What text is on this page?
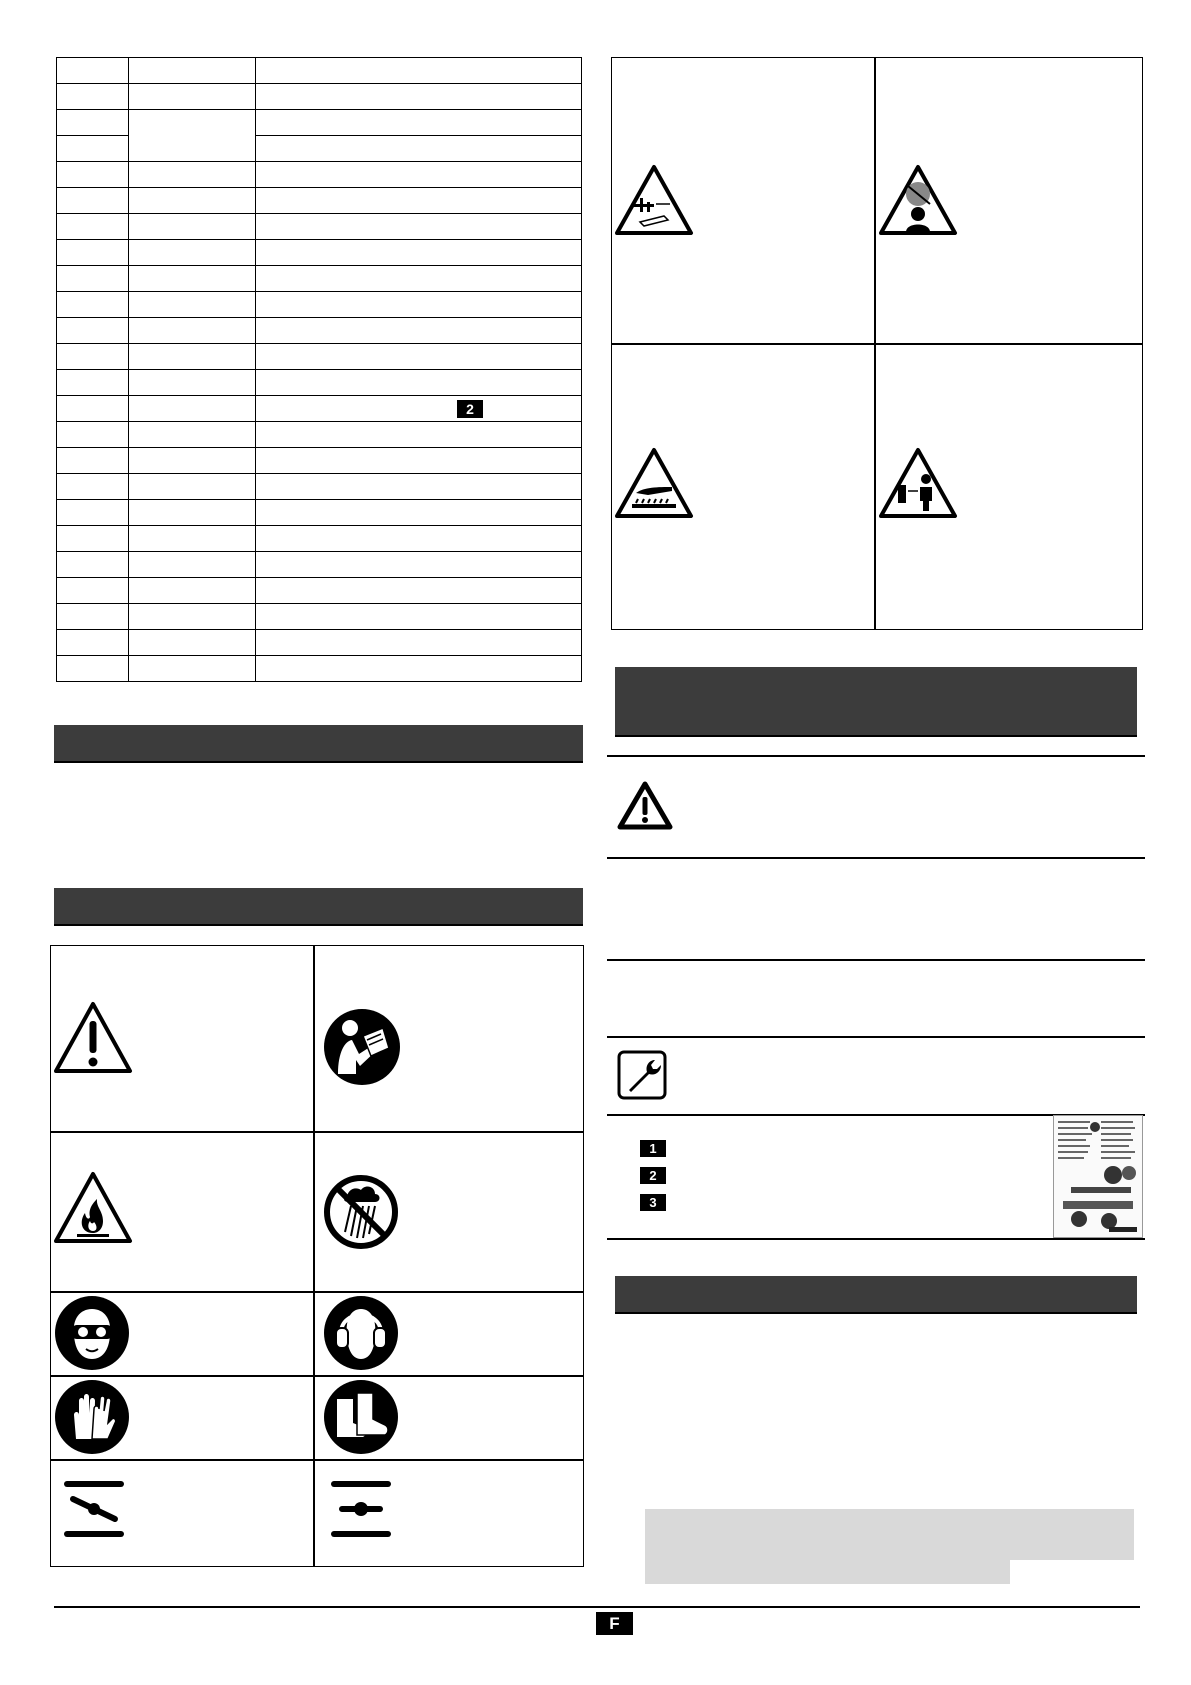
		2

1
2
3
F
